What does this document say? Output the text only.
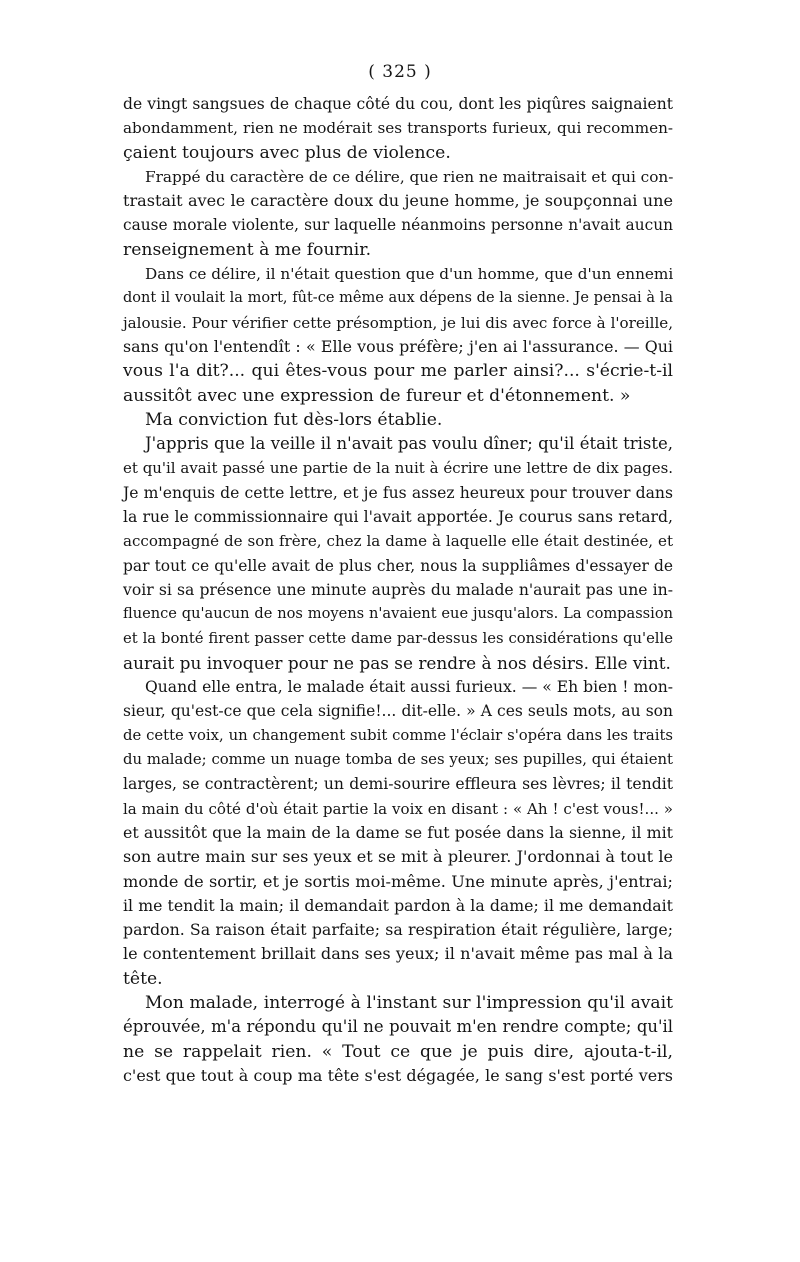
( 325 )
de vingt sangsues de chaque côté du cou, dont les piqûres saignaient
abondamment, rien ne modérait ses transports furieux, qui recommen-
çaient toujours avec plus de violence.
Frappé du caractère de ce délire, que rien ne maitraisait et qui con-
trastait avec le caractère doux du jeune homme, je soupçonnai une
cause morale violente, sur laquelle néanmoins personne n'avait aucun
renseignement à me fournir.
Dans ce délire, il n'était question que d'un homme, que d'un ennemi
dont il voulait la mort, fût-ce même aux dépens de la sienne. Je pensai à la
jalousie. Pour vérifier cette présomption, je lui dis avec force à l'oreille,
sans qu'on l'entendît : « Elle vous préfère; j'en ai l'assurance. — Qui
vous l'a dit?... qui êtes-vous pour me parler ainsi?... s'écrie-t-il
aussitôt avec une expression de fureur et d'étonnement. »
Ma conviction fut dès-lors établie.
J'appris que la veille il n'avait pas voulu dîner; qu'il était triste,
et qu'il avait passé une partie de la nuit à écrire une lettre de dix pages.
Je m'enquis de cette lettre, et je fus assez heureux pour trouver dans
la rue le commissionnaire qui l'avait apportée. Je courus sans retard,
accompagné de son frère, chez la dame à laquelle elle était destinée, et
par tout ce qu'elle avait de plus cher, nous la suppliâmes d'essayer de
voir si sa présence une minute auprès du malade n'aurait pas une in-
fluence qu'aucun de nos moyens n'avaient eue jusqu'alors. La compassion
et la bonté firent passer cette dame par-dessus les considérations qu'elle
aurait pu invoquer pour ne pas se rendre à nos désirs. Elle vint.
Quand elle entra, le malade était aussi furieux. — « Eh bien ! mon-
sieur, qu'est-ce que cela signifie!... dit-elle. » A ces seuls mots, au son
de cette voix, un changement subit comme l'éclair s'opéra dans les traits
du malade; comme un nuage tomba de ses yeux; ses pupilles, qui étaient
larges, se contractèrent; un demi-sourire effleura ses lèvres; il tendit
la main du côté d'où était partie la voix en disant : « Ah ! c'est vous!... »
et aussitôt que la main de la dame se fut posée dans la sienne, il mit
son autre main sur ses yeux et se mit à pleurer. J'ordonnai à tout le
monde de sortir, et je sortis moi-même. Une minute après, j'entrai;
il me tendit la main; il demandait pardon à la dame; il me demandait
pardon. Sa raison était parfaite; sa respiration était régulière, large;
le contentement brillait dans ses yeux; il n'avait même pas mal à la
tête.
Mon malade, interrogé à l'instant sur l'impression qu'il avait
éprouvée, m'a répondu qu'il ne pouvait m'en rendre compte; qu'il
ne se rappelait rien. « Tout ce que je puis dire, ajouta-t-il,
c'est que tout à coup ma tête s'est dégagée, le sang s'est porté vers
